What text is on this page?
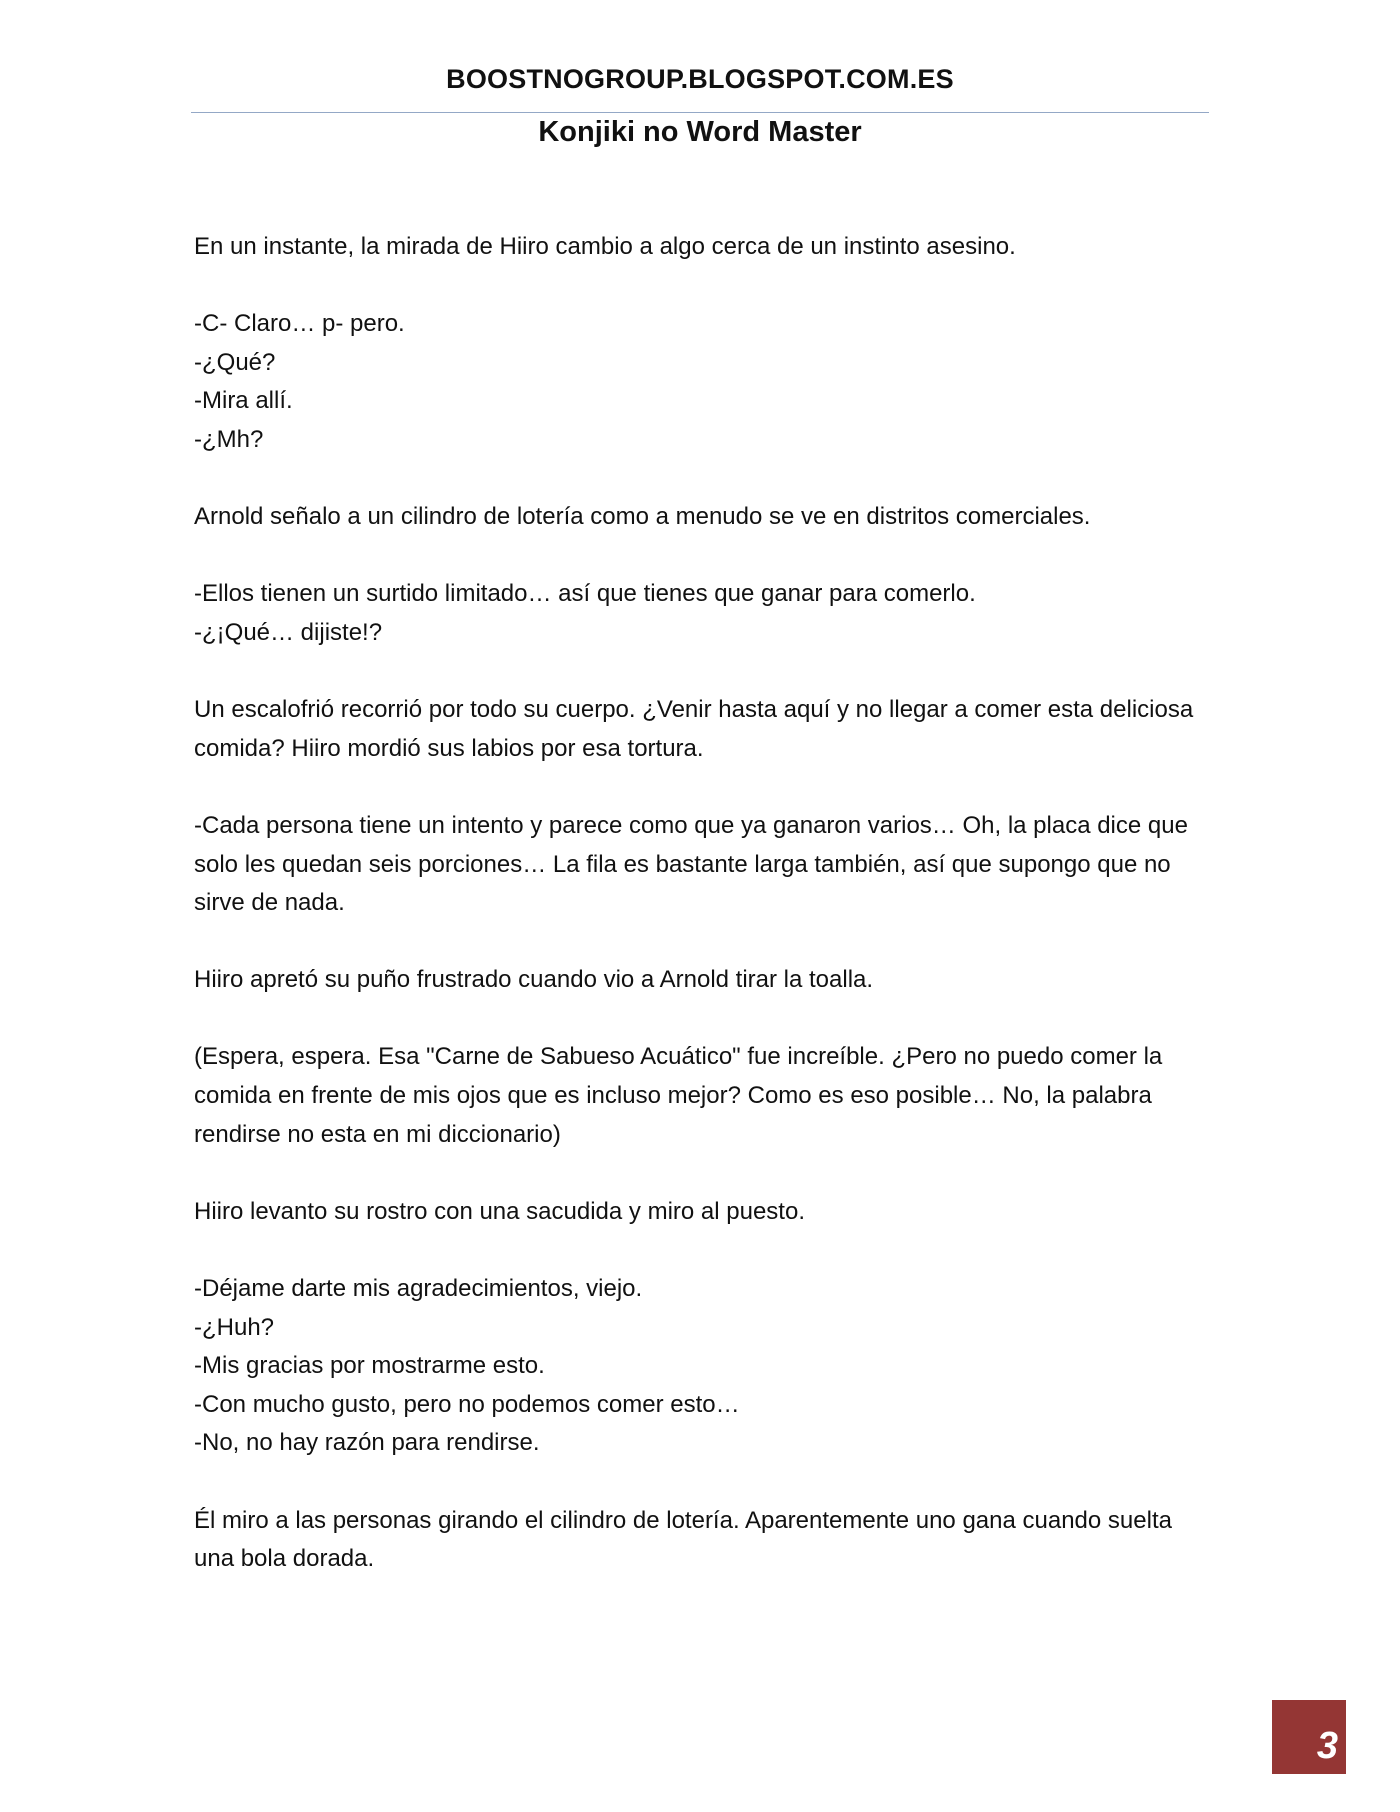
BOOSTNOGROUP.BLOGSPOT.COM.ES
Konjiki no Word Master

En un instante, la mirada de Hiiro cambio a algo cerca de un instinto asesino.

-C- Claro… p- pero.
-¿Qué?
-Mira allí.
-¿Mh?

Arnold señalo a un cilindro de lotería como a menudo se ve en distritos comerciales.

-Ellos tienen un surtido limitado… así que tienes que ganar para comerlo.
-¿¡Qué… dijiste!?

Un escalofrió recorrió por todo su cuerpo. ¿Venir hasta aquí y no llegar a comer esta deliciosa comida? Hiiro mordió sus labios por esa tortura.

-Cada persona tiene un intento y parece como que ya ganaron varios… Oh, la placa dice que solo les quedan seis porciones… La fila es bastante larga también, así que supongo que no sirve de nada.

Hiiro apretó su puño frustrado cuando vio a Arnold tirar la toalla.

(Espera, espera. Esa "Carne de Sabueso Acuático" fue increíble. ¿Pero no puedo comer la comida en frente de mis ojos que es incluso mejor? Como es eso posible… No, la palabra rendirse no esta en mi diccionario)

Hiiro levanto su rostro con una sacudida y miro al puesto.

-Déjame darte mis agradecimientos, viejo.
-¿Huh?
-Mis gracias por mostrarme esto.
-Con mucho gusto, pero no podemos comer esto…
-No, no hay razón para rendirse.

Él miro a las personas girando el cilindro de lotería. Aparentemente uno gana cuando suelta una bola dorada.

3
